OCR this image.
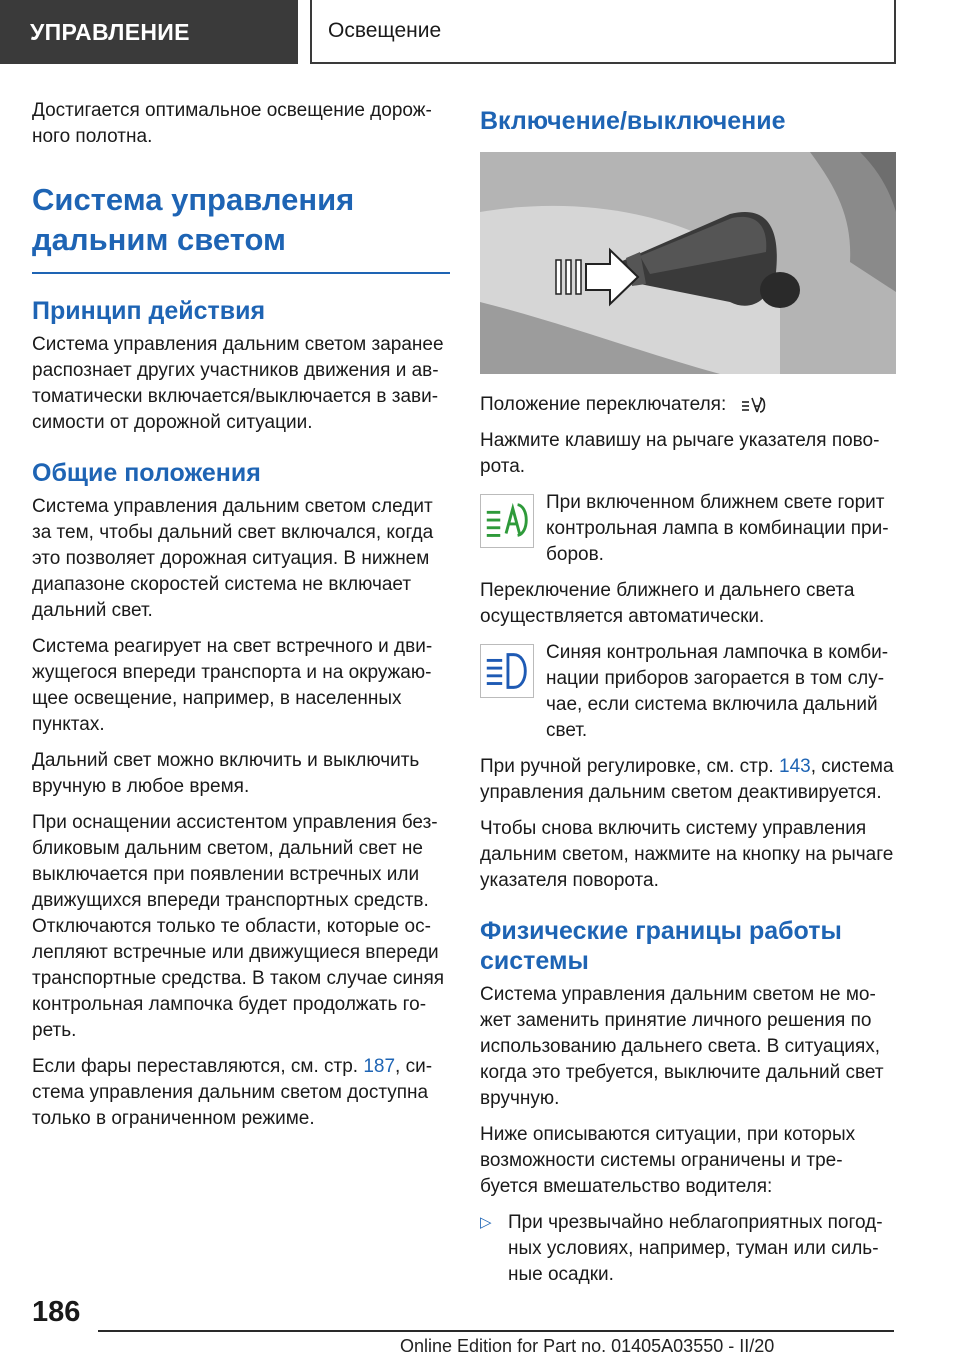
УПРАВЛЕНИЕ	Освещение

Достигается оптимальное освещение дорож-ного полотна.

Система управления дальним светом
Принцип действия

Система управления дальним светом заранее распознает других участников движения и ав-томатически включается/выключается в зави-симости от дорожной ситуации.

Общие положения

Система управления дальним светом следит за тем, чтобы дальний свет включался, когда это позволяет дорожная ситуация. В нижнем диапазоне скоростей система не включает дальний свет.

Система реагирует на свет встречного и дви-жущегося впереди транспорта и на окружаю-щее освещение, например, в населенных пунктах.

Дальний свет можно включить и выключить вручную в любое время.

При оснащении ассистентом управления без-бликовым дальним светом, дальний свет не выключается при появлении встречных или движущихся впереди транспортных средств. Отключаются только те области, которые ос-лепляют встречные или движущиеся впереди транспортные средства. В таком случае синяя контрольная лампочка будет продолжать го-реть.

Если фары переставляются, см. стр. 187, си-стема управления дальним светом доступна только в ограниченном режиме.

Включение/выключение

Положение переключателя:

Нажмите клавишу на рычаге указателя пово-рота.

При включенном ближнем свете горит контрольная лампа в комбинации при-боров.

Переключение ближнего и дальнего света осуществляется автоматически.

Синяя контрольная лампочка в комби-нации приборов загорается в том слу-чае, если система включила дальний свет.

При ручной регулировке, см. стр. 143, система управления дальним светом деактивируется.

Чтобы снова включить систему управления дальним светом, нажмите на кнопку на рычаге указателя поворота.

Физические границы работы системы

Система управления дальним светом не мо-жет заменить принятие личного решения по использованию дальнего света. В ситуациях, когда это требуется, выключите дальний свет вручную.

Ниже описываются ситуации, при которых возможности системы ограничены и тре-буется вмешательство водителя:

▷ При чрезвычайно неблагоприятных погод-ных условиях, например, туман или силь-ные осадки.

186
Online Edition for Part no. 01405A03550 - II/20
